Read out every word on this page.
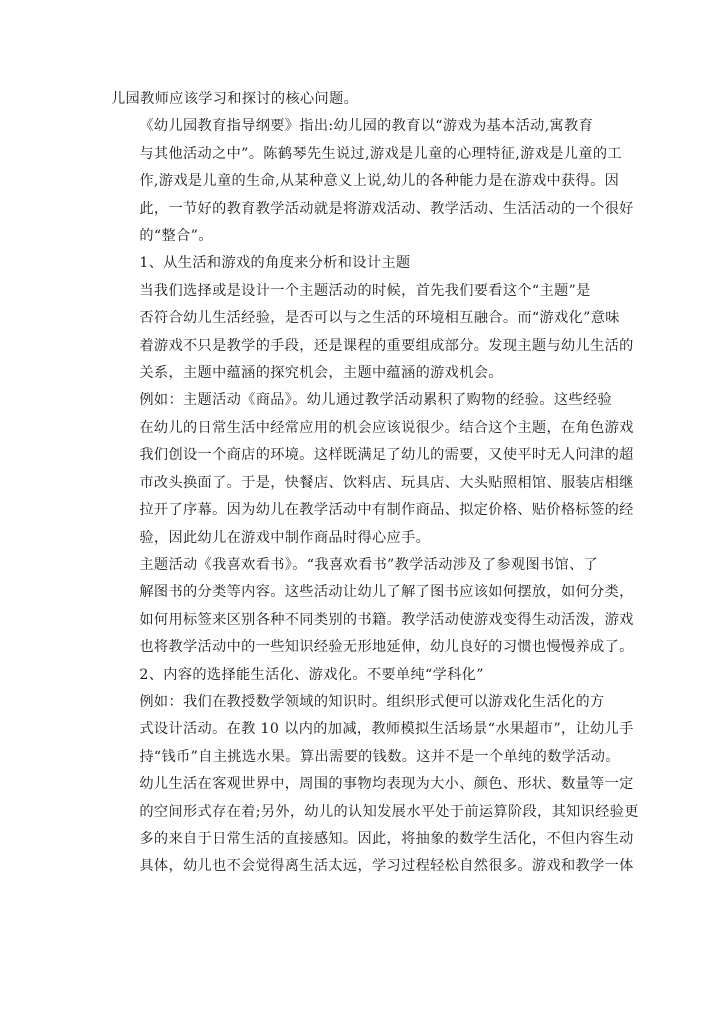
儿园教师应该学习和探讨的核心问题。

《幼儿园教育指导纲要》指出:幼儿园的教育以“游戏为基本活动,寓教育
与其他活动之中”。陈鹤琴先生说过,游戏是儿童的心理特征,游戏是儿童的工
作,游戏是儿童的生命,从某种意义上说,幼儿的各种能力是在游戏中获得。因
此，一节好的教育教学活动就是将游戏活动、教学活动、生活活动的一个很好
的“整合”。

1、从生活和游戏的角度来分析和设计主题

当我们选择或是设计一个主题活动的时候，首先我们要看这个“主题”是
否符合幼儿生活经验，是否可以与之生活的环境相互融合。而“游戏化”意味
着游戏不只是教学的手段，还是课程的重要组成部分。发现主题与幼儿生活的
关系，主题中蕴涵的探究机会，主题中蕴涵的游戏机会。

例如：主题活动《商品》。幼儿通过教学活动累积了购物的经验。这些经验
在幼儿的日常生活中经常应用的机会应该说很少。结合这个主题，在角色游戏
我们创设一个商店的环境。这样既满足了幼儿的需要，又使平时无人问津的超
市改头换面了。于是，快餐店、饮料店、玩具店、大头贴照相馆、服装店相继
拉开了序幕。因为幼儿在教学活动中有制作商品、拟定价格、贴价格标签的经
验，因此幼儿在游戏中制作商品时得心应手。

主题活动《我喜欢看书》。“我喜欢看书”教学活动涉及了参观图书馆、了
解图书的分类等内容。这些活动让幼儿了解了图书应该如何摆放，如何分类，
如何用标签来区别各种不同类别的书籍。教学活动使游戏变得生动活泼，游戏
也将教学活动中的一些知识经验无形地延伸，幼儿良好的习惯也慢慢养成了。

2、内容的选择能生活化、游戏化。不要单纯“学科化”

例如：我们在教授数学领域的知识时。组织形式便可以游戏化生活化的方
式设计活动。在教 10 以内的加减，教师模拟生活场景“水果超市”，让幼儿手
持“钱币”自主挑选水果。算出需要的钱数。这并不是一个单纯的数学活动。
幼儿生活在客观世界中，周围的事物均表现为大小、颜色、形状、数量等一定
的空间形式存在着;另外，幼儿的认知发展水平处于前运算阶段，其知识经验更
多的来自于日常生活的直接感知。因此，将抽象的数学生活化，不但内容生动
具体，幼儿也不会觉得离生活太远，学习过程轻松自然很多。游戏和教学一体
